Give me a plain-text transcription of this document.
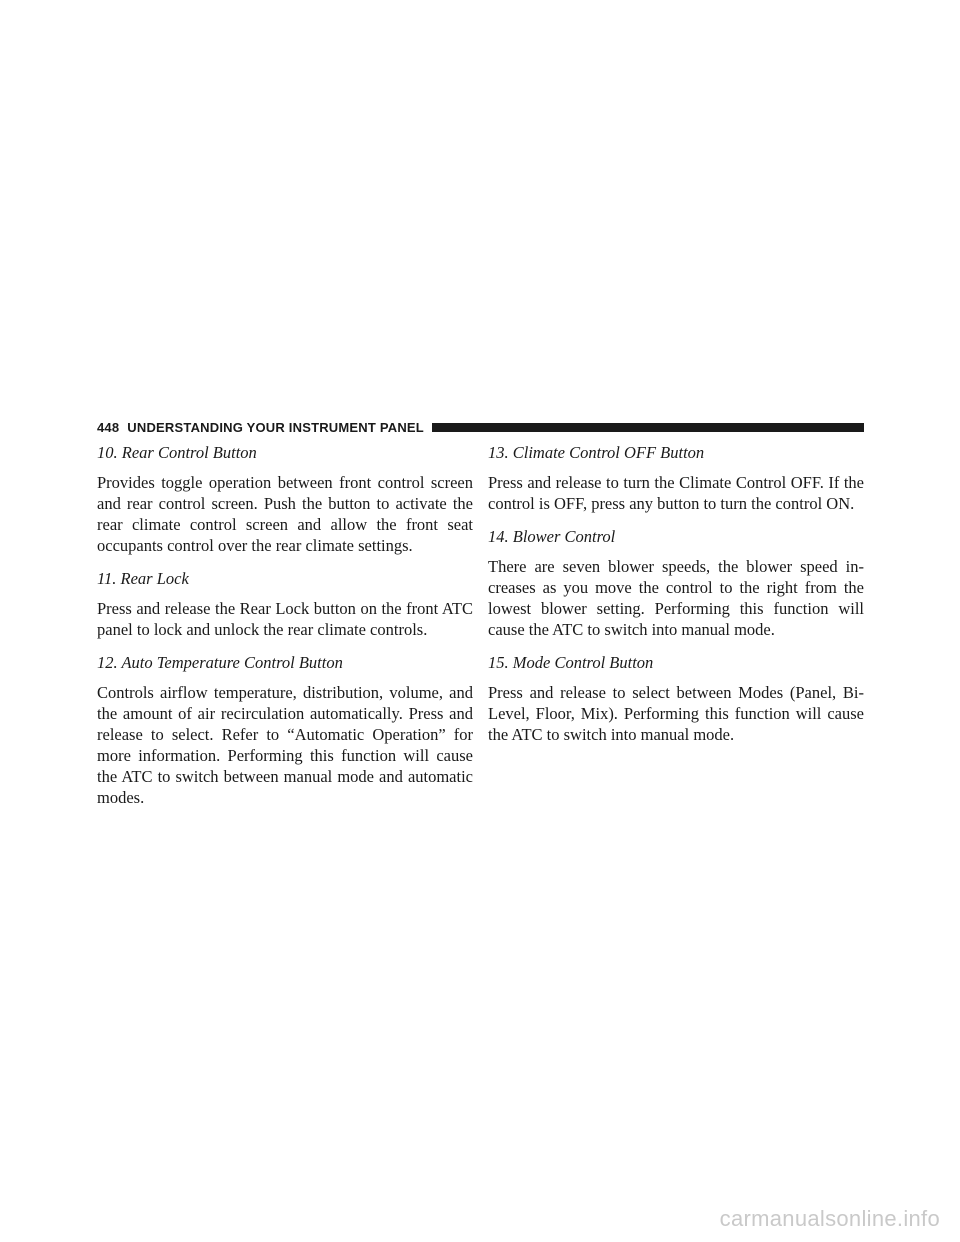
448 UNDERSTANDING YOUR INSTRUMENT PANEL
10. Rear Control Button

Provides toggle operation between front control screen and rear control screen. Push the button to activate the rear climate control screen and allow the front seat occupants control over the rear climate settings.

11. Rear Lock

Press and release the Rear Lock button on the front ATC panel to lock and unlock the rear climate controls.

12. Auto Temperature Control Button

Controls airflow temperature, distribution, volume, and the amount of air recirculation automatically. Press and release to select. Refer to “Automatic Operation” for more information. Performing this function will cause the ATC to switch between manual mode and automatic modes.

13. Climate Control OFF Button

Press and release to turn the Climate Control OFF. If the control is OFF, press any button to turn the control ON.

14. Blower Control

There are seven blower speeds, the blower speed increases as you move the control to the right from the lowest blower setting. Performing this function will cause the ATC to switch into manual mode.

15. Mode Control Button

Press and release to select between Modes (Panel, Bi-Level, Floor, Mix). Performing this function will cause the ATC to switch into manual mode.

carmanualsonline.info
